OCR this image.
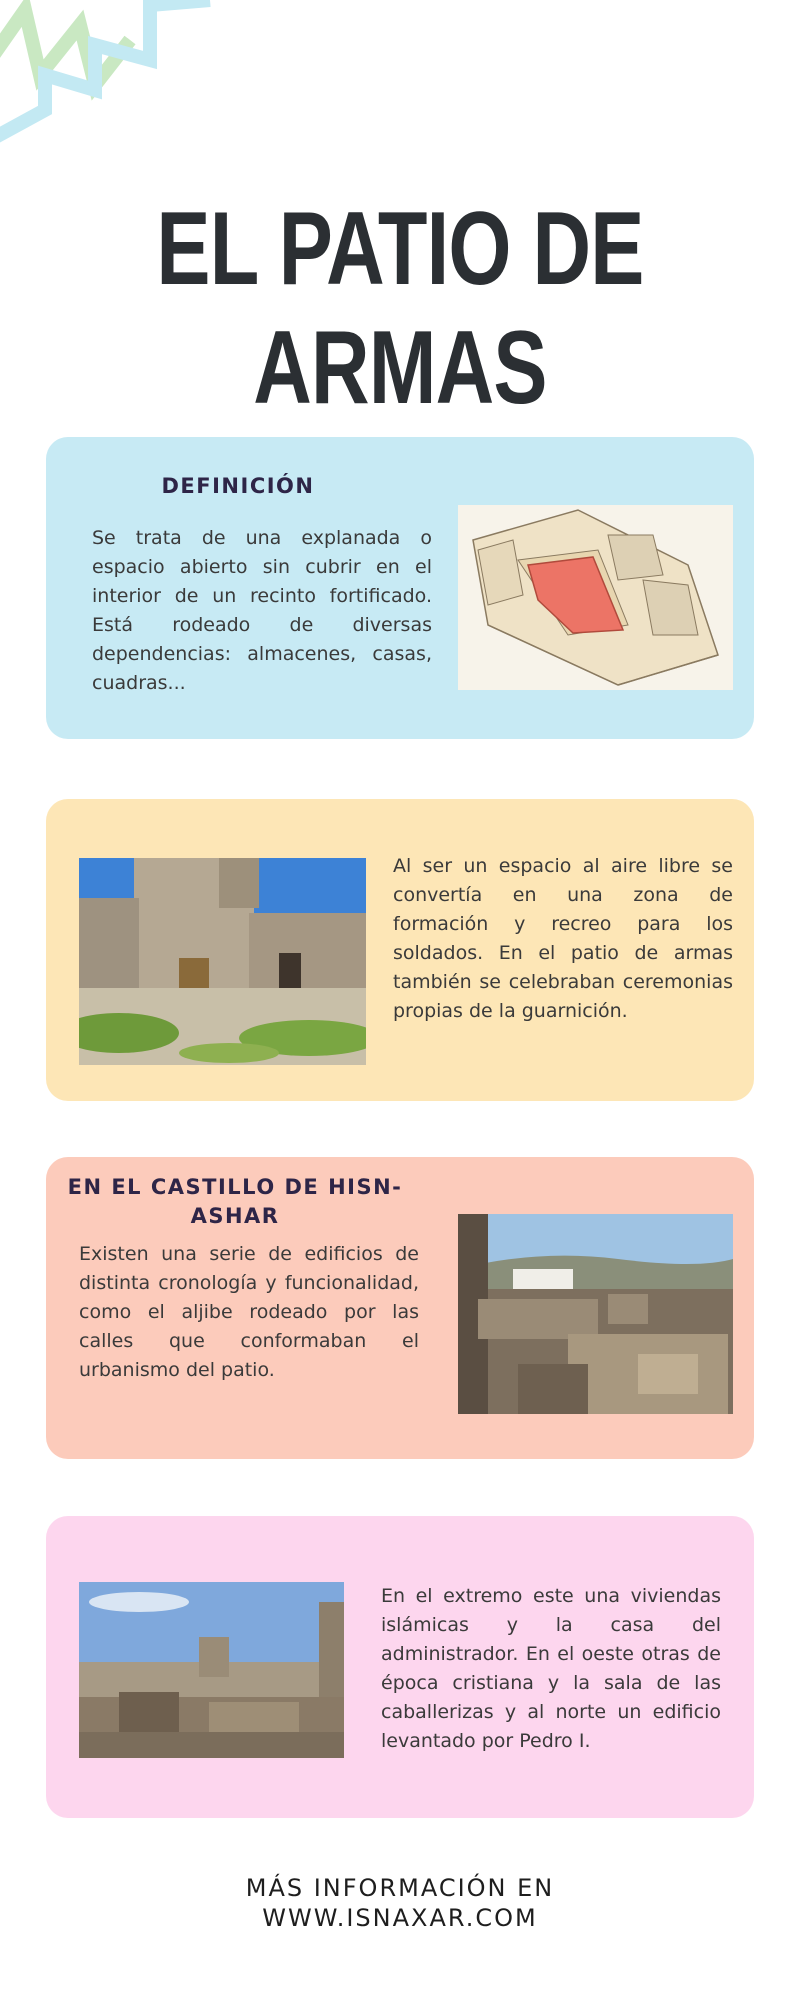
EL PATIO DE ARMAS
DEFINICIÓN

Se trata de una explanada o espacio abierto sin cubrir en el interior de un recinto fortificado. Está rodeado de diversas dependencias: almacenes, casas, cuadras...

Al ser un espacio al aire libre se convertía en una zona de formación y recreo para los soldados. En el patio de armas también se celebraban ceremonias propias de la guarnición.

EN EL CASTILLO DE HISN-ASHAR

Existen una serie de edificios de distinta cronología y funcionalidad, como el aljibe rodeado por las calles que conformaban el urbanismo del patio.

En el extremo este una viviendas islámicas y la casa del administrador. En el oeste otras de época cristiana y la sala de las caballerizas y al norte un edificio levantado por Pedro I.

MÁS INFORMACIÓN EN
WWW.ISNAXAR.COM
